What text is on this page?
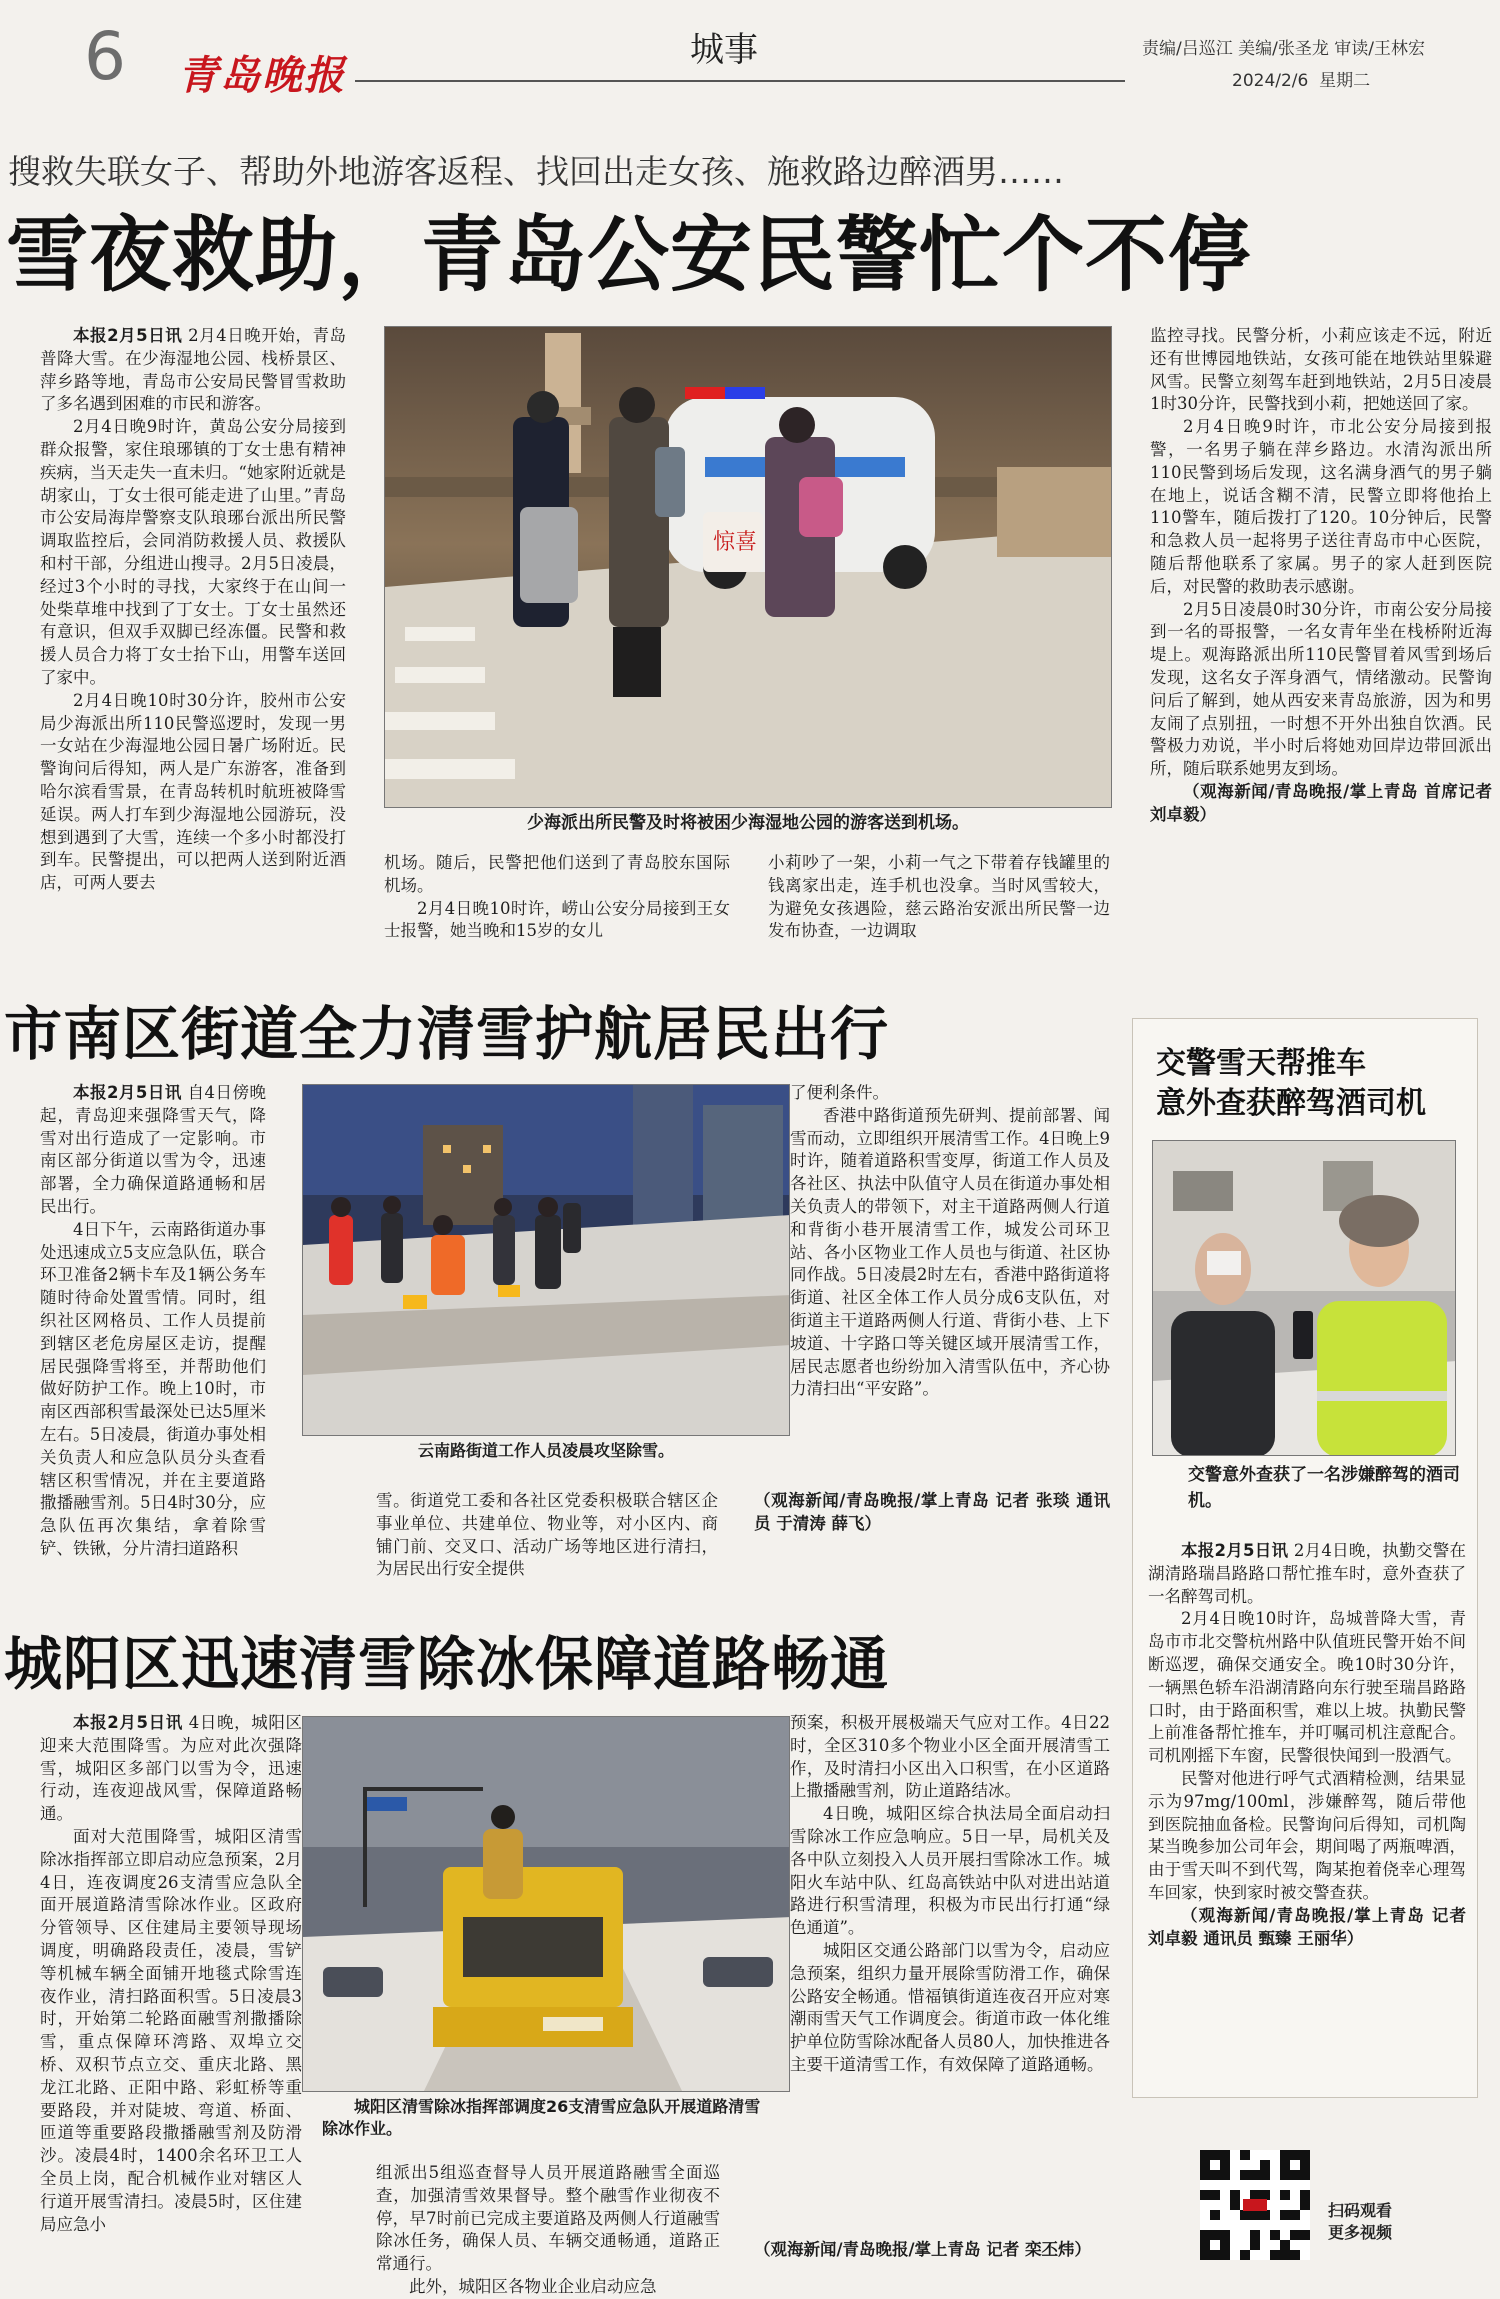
6 青岛晚报
城事	责编/吕巡江 美编/张圣龙 审读/王林宏
2024/2/6  星期二
搜救失联女子、帮助外地游客返程、找回出走女孩、施救路边醉酒男……
雪夜救助，青岛公安民警忙个不停

本报2月5日讯 2月4日晚开始，青岛普降大雪。在少海湿地公园、栈桥景区、萍乡路等地，青岛市公安局民警冒雪救助了多名遇到困难的市民和游客。

2月4日晚9时许，黄岛公安分局接到群众报警，家住琅琊镇的丁女士患有精神疾病，当天走失一直未归。“她家附近就是胡家山，丁女士很可能走进了山里。”青岛市公安局海岸警察支队琅琊台派出所民警调取监控后，会同消防救援人员、救援队和村干部，分组进山搜寻。2月5日凌晨，经过3个小时的寻找，大家终于在山间一处柴草堆中找到了丁女士。丁女士虽然还有意识，但双手双脚已经冻僵。民警和救援人员合力将丁女士抬下山，用警车送回了家中。

2月4日晚10时30分许，胶州市公安局少海派出所110民警巡逻时，发现一男一女站在少海湿地公园日暑广场附近。民警询问后得知，两人是广东游客，准备到哈尔滨看雪景，在青岛转机时航班被降雪延误。两人打车到少海湿地公园游玩，没想到遇到了大雪，连续一个多小时都没打到车。民警提出，可以把两人送到附近酒店，可两人要去

惊喜
少海派出所民警及时将被困少海湿地公园的游客送到机场。

机场。随后，民警把他们送到了青岛胶东国际机场。

2月4日晚10时许，崂山公安分局接到王女士报警，她当晚和15岁的女儿

小莉吵了一架，小莉一气之下带着存钱罐里的钱离家出走，连手机也没拿。当时风雪较大，为避免女孩遇险，慈云路治安派出所民警一边发布协查，一边调取

监控寻找。民警分析，小莉应该走不远，附近还有世博园地铁站，女孩可能在地铁站里躲避风雪。民警立刻驾车赶到地铁站，2月5日凌晨1时30分许，民警找到小莉，把她送回了家。

2月4日晚9时许，市北公安分局接到报警，一名男子躺在萍乡路边。水清沟派出所110民警到场后发现，这名满身酒气的男子躺在地上，说话含糊不清，民警立即将他抬上110警车，随后拨打了120。10分钟后，民警和急救人员一起将男子送往青岛市中心医院，随后帮他联系了家属。男子的家人赶到医院后，对民警的救助表示感谢。

2月5日凌晨0时30分许，市南公安分局接到一名的哥报警，一名女青年坐在栈桥附近海堤上。观海路派出所110民警冒着风雪到场后发现，这名女子浑身酒气，情绪激动。民警询问后了解到，她从西安来青岛旅游，因为和男友闹了点别扭，一时想不开外出独自饮酒。民警极力劝说，半小时后将她劝回岸边带回派出所，随后联系她男友到场。

（观海新闻/青岛晚报/掌上青岛 首席记者 刘卓毅）

市南区街道全力清雪护航居民出行

本报2月5日讯 自4日傍晚起，青岛迎来强降雪天气，降雪对出行造成了一定影响。市南区部分街道以雪为令，迅速部署，全力确保道路通畅和居民出行。

4日下午，云南路街道办事处迅速成立5支应急队伍，联合环卫准备2辆卡车及1辆公务车随时待命处置雪情。同时，组织社区网格员、工作人员提前到辖区老危房屋区走访，提醒居民强降雪将至，并帮助他们做好防护工作。晚上10时，市南区西部积雪最深处已达5厘米左右。5日凌晨，街道办事处相关负责人和应急队员分头查看辖区积雪情况，并在主要道路撒播融雪剂。5日4时30分，应急队伍再次集结，拿着除雪铲、铁锹，分片清扫道路积

云南路街道工作人员凌晨攻坚除雪。

雪。街道党工委和各社区党委积极联合辖区企事业单位、共建单位、物业等，对小区内、商铺门前、交叉口、活动广场等地区进行清扫，为居民出行安全提供

了便利条件。

香港中路街道预先研判、提前部署、闻雪而动，立即组织开展清雪工作。4日晚上9时许，随着道路积雪变厚，街道工作人员及各社区、执法中队值守人员在街道办事处相关负责人的带领下，对主干道路两侧人行道和背街小巷开展清雪工作，城发公司环卫站、各小区物业工作人员也与街道、社区协同作战。5日凌晨2时左右，香港中路街道将街道、社区全体工作人员分成6支队伍，对街道主干道路两侧人行道、背街小巷、上下坡道、十字路口等关键区域开展清雪工作，居民志愿者也纷纷加入清雪队伍中，齐心协力清扫出“平安路”。

（观海新闻/青岛晚报/掌上青岛 记者 张琰 通讯员 于清涛 薛飞）

城阳区迅速清雪除冰保障道路畅通

本报2月5日讯 4日晚，城阳区迎来大范围降雪。为应对此次强降雪，城阳区多部门以雪为令，迅速行动，连夜迎战风雪，保障道路畅通。

面对大范围降雪，城阳区清雪除冰指挥部立即启动应急预案，2月4日，连夜调度26支清雪应急队全面开展道路清雪除冰作业。区政府分管领导、区住建局主要领导现场调度，明确路段责任，凌晨，雪铲等机械车辆全面铺开地毯式除雪连夜作业，清扫路面积雪。5日凌晨3时，开始第二轮路面融雪剂撒播除雪，重点保障环湾路、双埠立交桥、双积节点立交、重庆北路、黑龙江北路、正阳中路、彩虹桥等重要路段，并对陡坡、弯道、桥面、匝道等重要路段撒播融雪剂及防滑沙。凌晨4时，1400余名环卫工人全员上岗，配合机械作业对辖区人行道开展雪清扫。凌晨5时，区住建局应急小

城阳区清雪除冰指挥部调度26支清雪应急队开展道路清雪除冰作业。

组派出5组巡查督导人员开展道路融雪全面巡查，加强清雪效果督导。整个融雪作业彻夜不停，早7时前已完成主要道路及两侧人行道融雪除冰任务，确保人员、车辆交通畅通，道路正常通行。

此外，城阳区各物业企业启动应急

预案，积极开展极端天气应对工作。4日22时，全区310多个物业小区全面开展清雪工作，及时清扫小区出入口积雪，在小区道路上撒播融雪剂，防止道路结冰。

4日晚，城阳区综合执法局全面启动扫雪除冰工作应急响应。5日一早，局机关及各中队立刻投入人员开展扫雪除冰工作。城阳火车站中队、红岛高铁站中队对进出站道路进行积雪清理，积极为市民出行打通“绿色通道”。

城阳区交通公路部门以雪为令，启动应急预案，组织力量开展除雪防滑工作，确保公路安全畅通。惜福镇街道连夜召开应对寒潮雨雪天气工作调度会。街道市政一体化维护单位防雪除冰配备人员80人，加快推进各主要干道清雪工作，有效保障了道路通畅。

（观海新闻/青岛晚报/掌上青岛 记者 栾丕炜）

交警雪天帮推车
意外查获醉驾酒司机
交警意外查获了一名涉嫌醉驾的酒司机。

本报2月5日讯 2月4日晚，执勤交警在湖清路瑞昌路路口帮忙推车时，意外查获了一名醉驾司机。

2月4日晚10时许，岛城普降大雪，青岛市市北交警杭州路中队值班民警开始不间断巡逻，确保交通安全。晚10时30分许，一辆黑色轿车沿湖清路向东行驶至瑞昌路路口时，由于路面积雪，难以上坡。执勤民警上前准备帮忙推车，并叮嘱司机注意配合。司机刚摇下车窗，民警很快闻到一股酒气。

民警对他进行呼气式酒精检测，结果显示为97mg/100ml，涉嫌醉驾，随后带他到医院抽血备检。民警询问后得知，司机陶某当晚参加公司年会，期间喝了两瓶啤酒，由于雪天叫不到代驾，陶某抱着侥幸心理驾车回家，快到家时被交警查获。

（观海新闻/青岛晚报/掌上青岛 记者 刘卓毅 通讯员 甄臻 王丽华）

扫码观看
更多视频
